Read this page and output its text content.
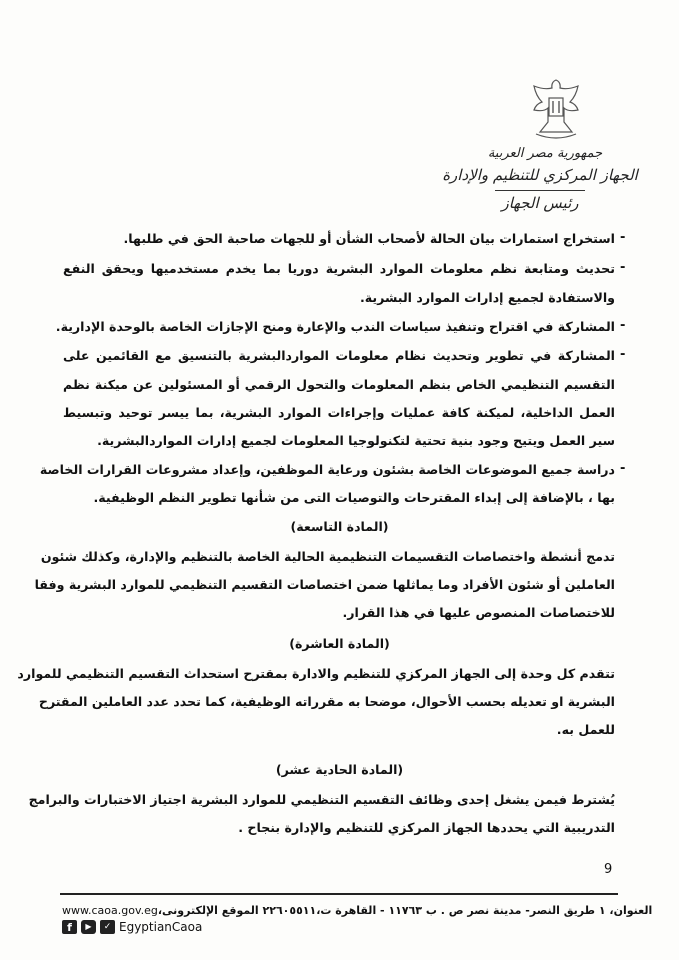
جمهورية مصر العربية
الجهاز المركزي للتنظيم والإدارة
رئيس الجهاز
-
استخراج استمارات بيان الحالة لأصحاب الشأن أو للجهات صاحبة الحق في طلبها.
-
تحديث ومتابعة نظم معلومات الموارد البشرية دوريا بما يخدم مستخدميها ويحقق النفع
والاستفادة لجميع إدارات الموارد البشرية.
-
المشاركة في اقتراح وتنفيذ سياسات الندب والإعارة ومنح الإجازات الخاصة بالوحدة الإدارية.
-
المشاركة في تطوير وتحديث نظام معلومات المواردالبشرية بالتنسيق مع القائمين على
التقسيم التنظيمي الخاص بنظم المعلومات والتحول الرقمي أو المسئولين عن ميكنة نظم
العمل الداخلية، لميكنة كافة عمليات وإجراءات الموارد البشرية، بما ييسر توحيد وتبسيط
سير العمل ويتيح وجود بنية تحتية لتكنولوجيا المعلومات لجميع إدارات المواردالبشرية.
-
دراسة جميع الموضوعات الخاصة بشئون ورعاية الموظفين، وإعداد مشروعات القرارات الخاصة
بها ، بالإضافة إلى إبداء المقترحات والتوصيات التى من شأنها تطوير النظم الوظيفية.
(المادة التاسعة)
تدمج أنشطة واختصاصات التقسيمات التنظيمية الحالية الخاصة بالتنظيم والإدارة، وكذلك شئون
العاملين أو شئون الأفراد وما يماثلها ضمن اختصاصات التقسيم التنظيمي للموارد البشرية وفقا
للاختصاصات المنصوص عليها في هذا القرار.
(المادة العاشرة)
تتقدم كل وحدة إلى الجهاز المركزي للتنظيم والادارة بمقترح استحداث التقسيم التنظيمي للموارد
البشرية او تعديله بحسب الأحوال، موضحا به مقرراته الوظيفية، كما تحدد عدد العاملين المقترح
للعمل به.
(المادة الحادية عشر)
يُشترط فيمن يشغل إحدى وظائف التقسيم التنظيمي للموارد البشرية اجتياز الاختبارات والبرامج
التدريبية التي يحددها الجهاز المركزي للتنظيم والإدارة بنجاح .
9
www.caoa.gov.egالعنوان، ١ طريق النصر- مدينة نصر ص . ب ١١٧٦٣ - القاهرة ت،٢٢٦٠٥٥١١ الموقع الإلكترونى،
f	▶	✓ EgyptianCaoa
